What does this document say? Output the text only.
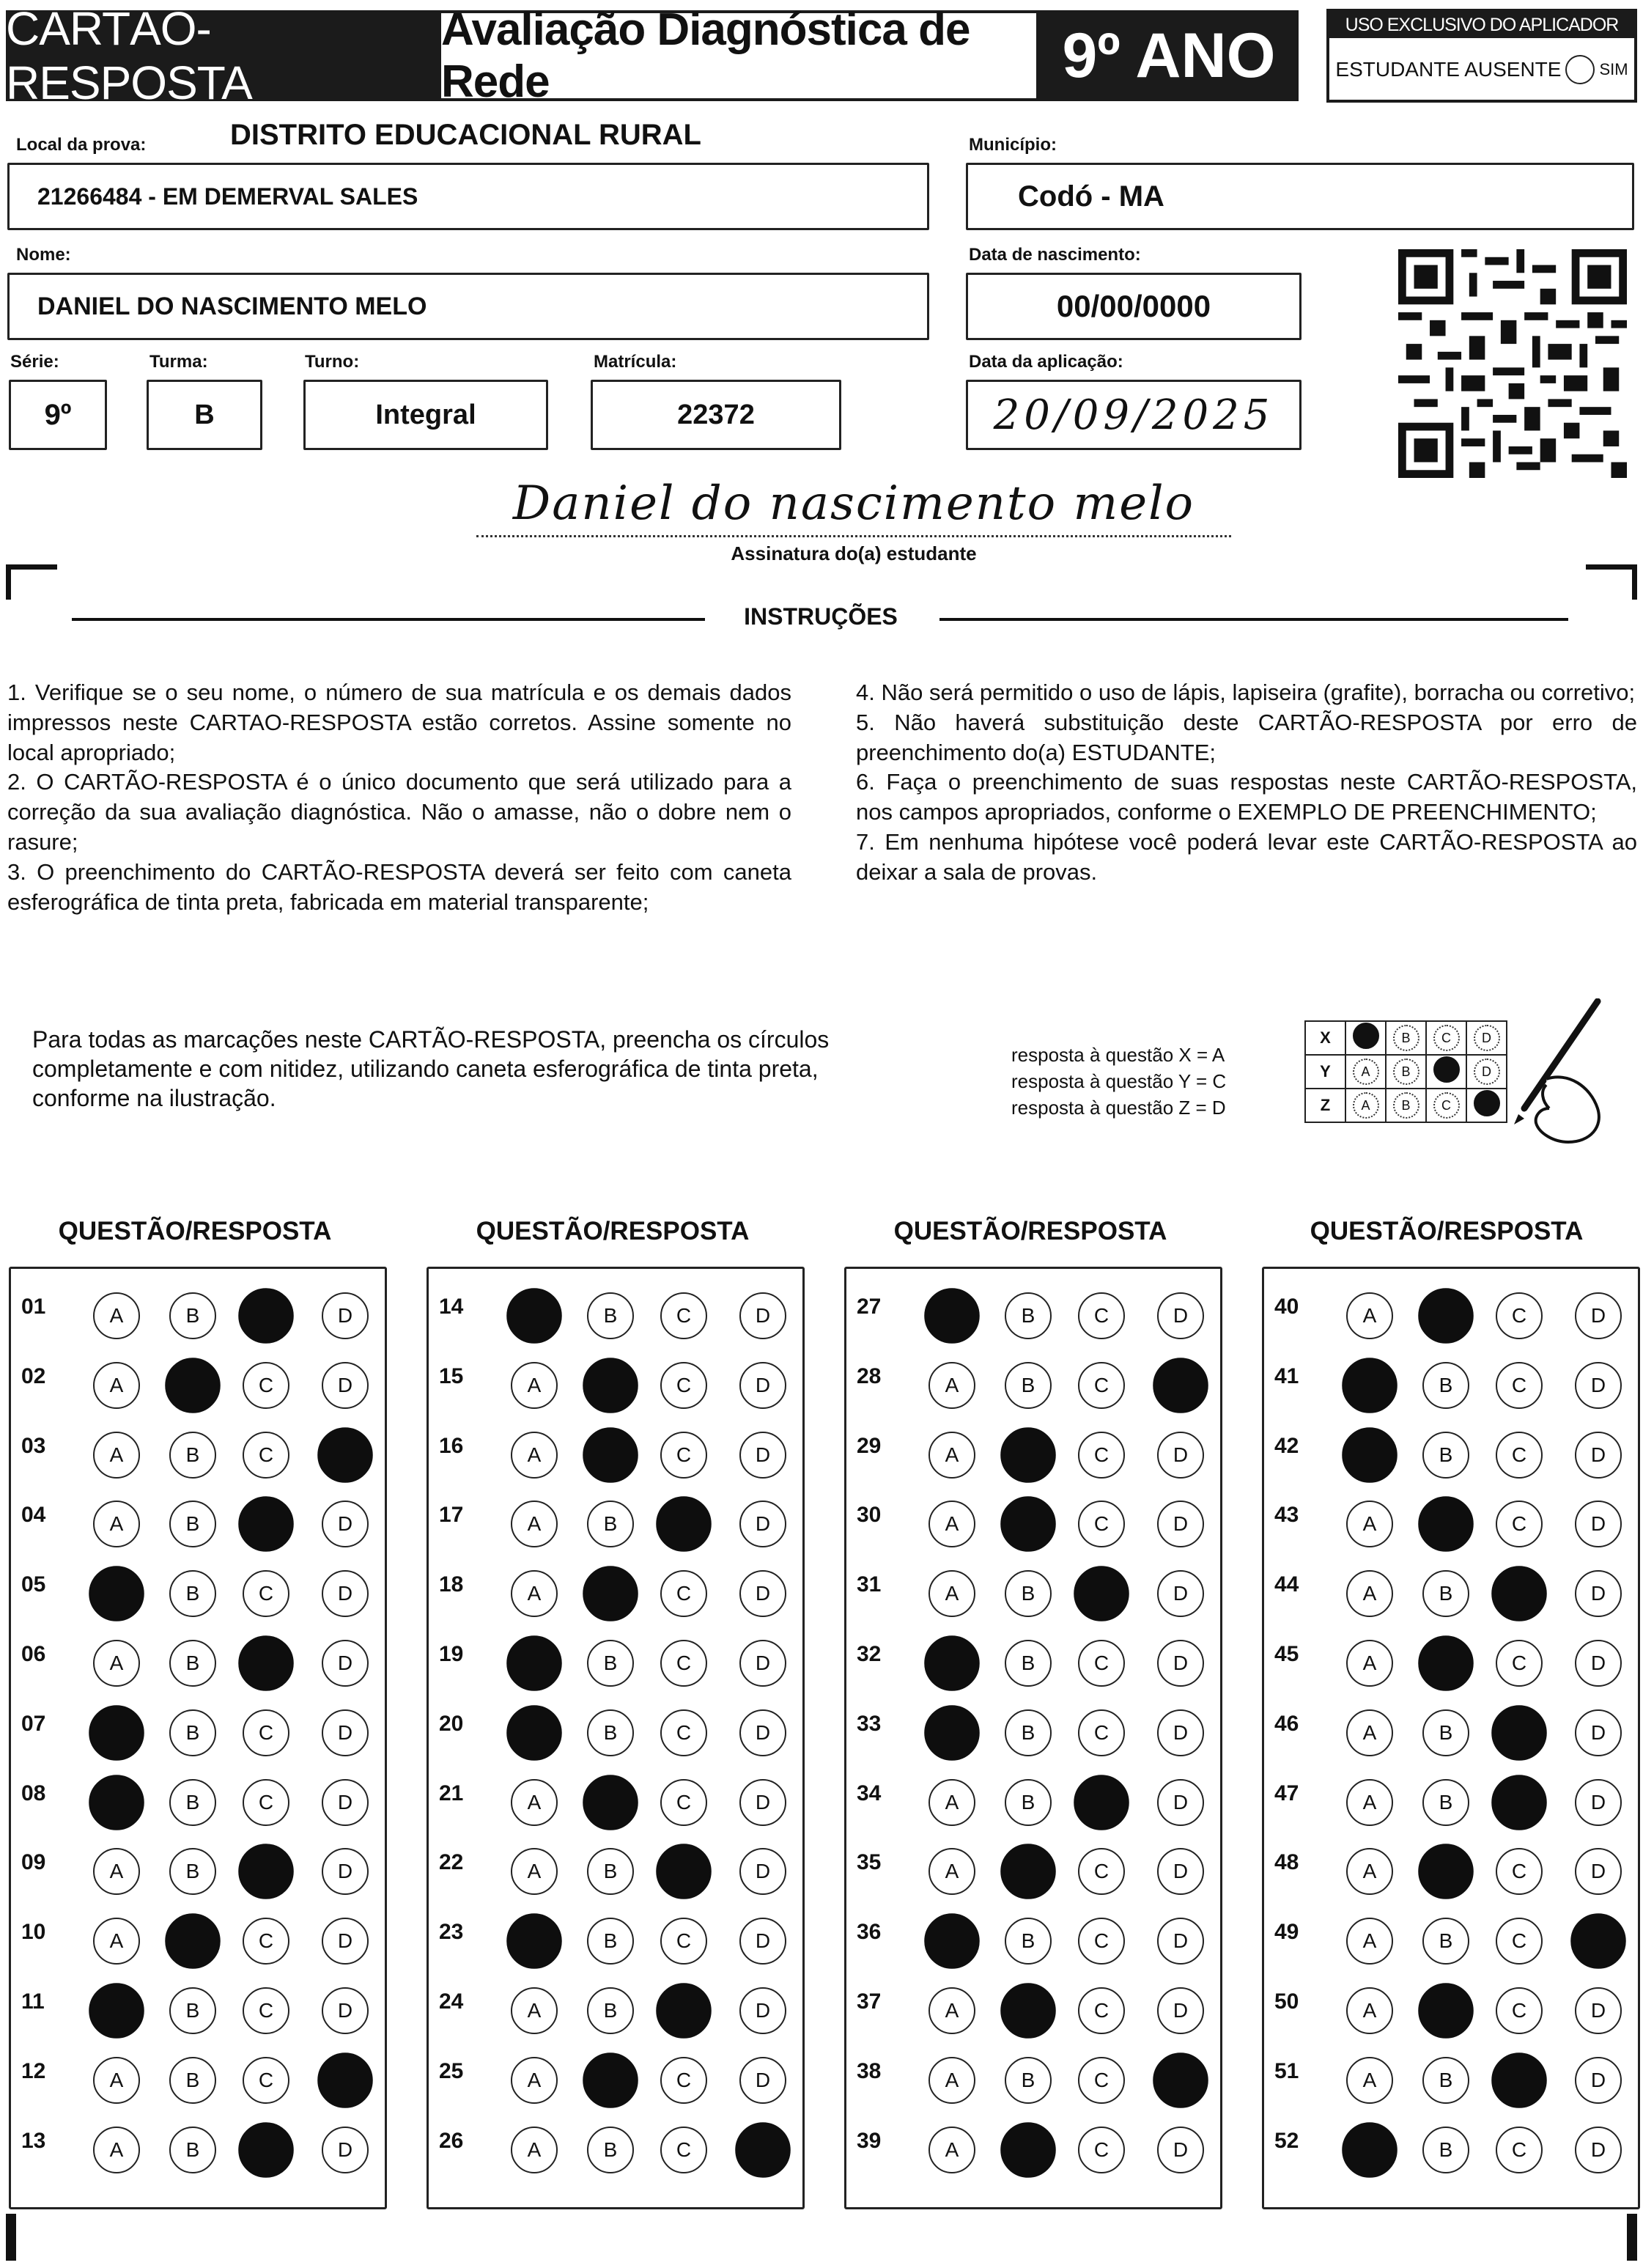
CARTÃO-RESPOSTA
Avaliação Diagnóstica de Rede	9º ANO	USO EXCLUSIVO DO APLICADOR
ESTUDANTE AUSENTE SIM
Local da prova:	DISTRITO EDUCACIONAL RURAL
21266484 - EM DEMERVAL SALES
Município:
Codó - MA
Nome:
DANIEL DO NASCIMENTO MELO
Data de nascimento:
00/00/0000
Série:
9º
Turma:
B
Turno:
Integral
Matrícula:
22372
Data da aplicação:
20/09/2025
Daniel do nascimento melo
Assinatura do(a) estudante
INSTRUÇÕES

1. Verifique se o seu nome, o número de sua matrícula e os demais dados impressos neste CARTAO-RESPOSTA estão corretos. Assine somente no local apropriado;

2. O CARTÃO-RESPOSTA é o único documento que será utilizado para a correção da sua avaliação diagnóstica. Não o amasse, não o dobre nem o rasure;

3. O preenchimento do CARTÃO-RESPOSTA deverá ser feito com caneta esferográfica de tinta preta, fabricada em material transparente;

4. Não será permitido o uso de lápis, lapiseira (grafite), borracha ou corretivo;

5. Não haverá substituição deste CARTÃO-RESPOSTA por erro de preenchimento do(a) ESTUDANTE;

6. Faça o preenchimento de suas respostas neste CARTÃO-RESPOSTA, nos campos apropriados, conforme o EXEMPLO DE PREENCHIMENTO;

7. Em nenhuma hipótese você poderá levar este CARTÃO-RESPOSTA ao deixar a sala de provas.

Para todas as marcações neste CARTÃO-RESPOSTA, preencha os círculos completamente e com nitidez, utilizando caneta esferográfica de tinta preta, conforme na ilustração.
resposta à questão X = A
resposta à questão Y = C
resposta à questão Z = D
X		B	C	D
Y	A	B		D
Z	A	B	C	
QUESTÃO/RESPOSTA
01	A	B	D
02	A	C	D
03	A	B	C
04	A	B	D
05	B	C	D
06	A	B	D
07	B	C	D
08	B	C	D
09	A	B	D
10	A	C	D
11	B	C	D
12	A	B	C
13	A	B	D
QUESTÃO/RESPOSTA
14	B	C	D
15	A	C	D
16	A	C	D
17	A	B	D
18	A	C	D
19	B	C	D
20	B	C	D
21	A	C	D
22	A	B	D
23	B	C	D
24	A	B	D
25	A	C	D
26	A	B	C
QUESTÃO/RESPOSTA
27	B	C	D
28	A	B	C
29	A	C	D
30	A	C	D
31	A	B	D
32	B	C	D
33	B	C	D
34	A	B	D
35	A	C	D
36	B	C	D
37	A	C	D
38	A	B	C
39	A	C	D
QUESTÃO/RESPOSTA
40	A	C	D
41	B	C	D
42	B	C	D
43	A	C	D
44	A	B	D
45	A	C	D
46	A	B	D
47	A	B	D
48	A	C	D
49	A	B	C
50	A	C	D
51	A	B	D
52	B	C	D
